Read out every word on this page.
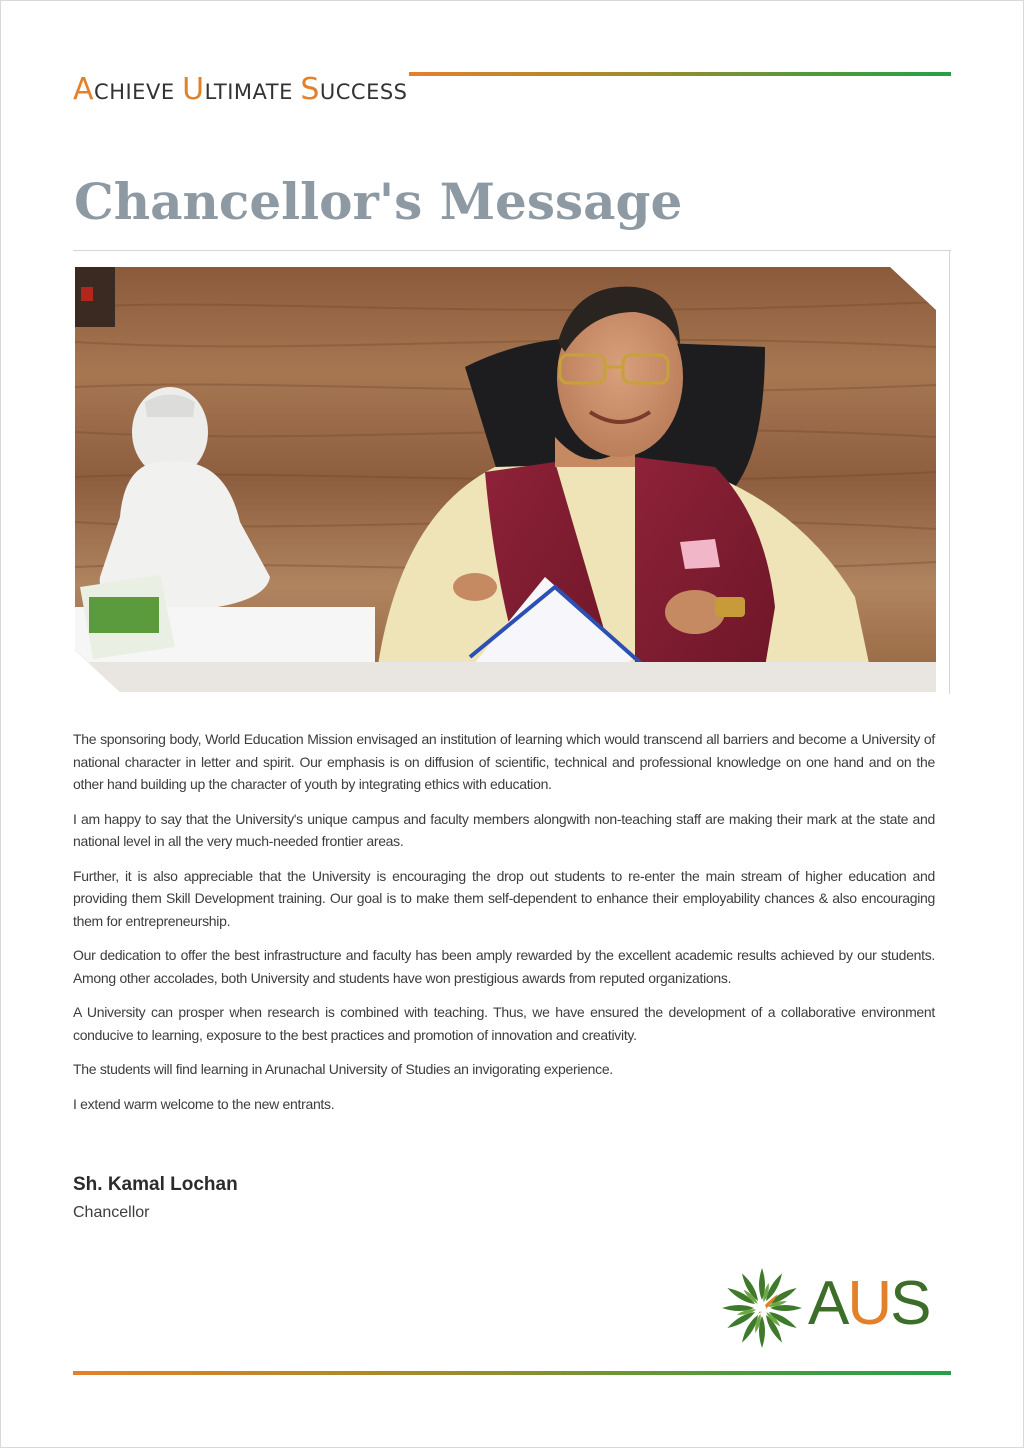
ACHIEVE ULTIMATE SUCCESS
Chancellor's Message

The sponsoring body, World Education Mission envisaged an institution of learning which would transcend all barriers and become a University of national character in letter and spirit. Our emphasis is on diffusion of scientific, technical and professional knowledge on one hand and on the other hand building up the character of youth by integrating ethics with education.

I am happy to say that the University's unique campus and faculty members alongwith non-teaching staff are making their mark at the state and national level in all the very much-needed frontier areas.

Further, it is also appreciable that the University is encouraging the drop out students to re-enter the main stream of higher education and providing them Skill Development training. Our goal is to make them self-dependent to enhance their employability chances & also encouraging them for entrepreneurship.

Our dedication to offer the best infrastructure and faculty has been amply rewarded by the excellent academic results achieved by our students. Among other accolades, both University and students have won prestigious awards from reputed organizations.

A University can prosper when research is combined with teaching. Thus, we have ensured the development of a collaborative environment conducive to learning, exposure to the best practices and promotion of innovation and creativity.

The students will find learning in Arunachal University of Studies an invigorating experience.

I extend warm welcome to the new entrants.

Sh. Kamal Lochan
Chancellor
AUS
